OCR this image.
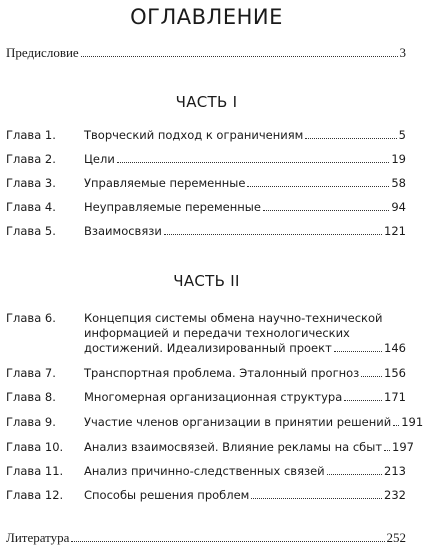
ОГЛАВЛЕНИЕ
Предисловие	3
ЧАСТЬ I
Глава 1.	Творческий подход к ограничениям	5
Глава 2.	Цели	19
Глава 3.	Управляемые переменные	58
Глава 4.	Неуправляемые переменные	94
Глава 5.	Взаимосвязи	121
ЧАСТЬ II
Глава 6. Концепция системы обмена научно-технической
информацией и передачи технологических
достижений. Идеализированный проект	146
Глава 7.	Транспортная проблема. Эталонный прогноз 156
Глава 8.	Многомерная организационная структура	171
Глава 9.	Участие членов организации в принятии решений 191
Глава 10.	Анализ взаимосвязей. Влияние рекламы на сбыт 197
Глава 11.	Анализ причинно-следственных связей	213
Глава 12.	Способы решения проблем	232
Литература	252
